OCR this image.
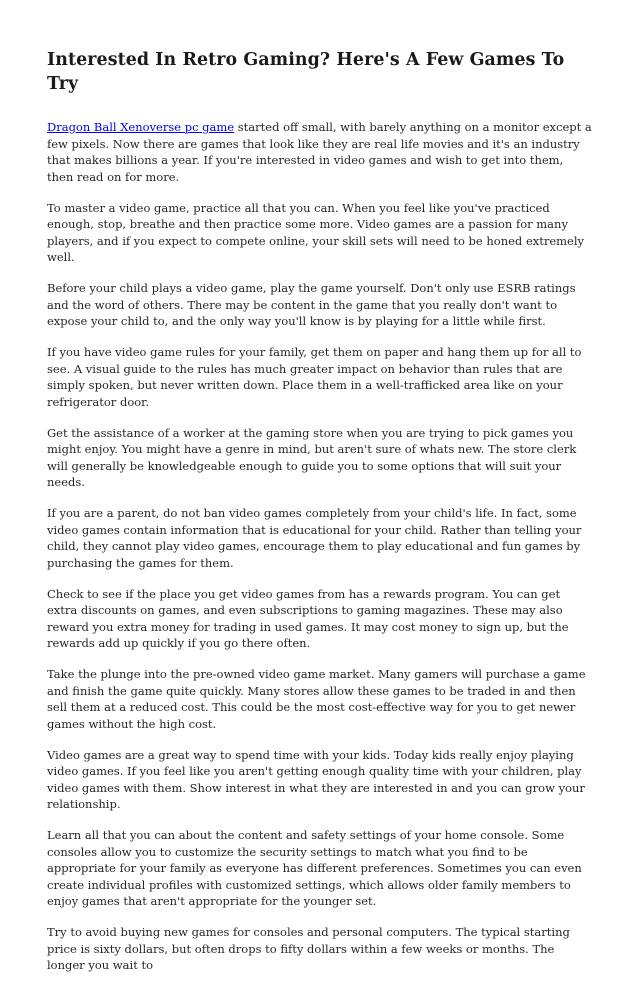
Interested In Retro Gaming? Here's A Few Games To Try

Dragon Ball Xenoverse pc game started off small, with barely anything on a monitor except a few pixels. Now there are games that look like they are real life movies and it's an industry that makes billions a year. If you're interested in video games and wish to get into them, then read on for more.

To master a video game, practice all that you can. When you feel like you've practiced enough, stop, breathe and then practice some more. Video games are a passion for many players, and if you expect to compete online, your skill sets will need to be honed extremely well.

Before your child plays a video game, play the game yourself. Don't only use ESRB ratings and the word of others. There may be content in the game that you really don't want to expose your child to, and the only way you'll know is by playing for a little while first.

If you have video game rules for your family, get them on paper and hang them up for all to see. A visual guide to the rules has much greater impact on behavior than rules that are simply spoken, but never written down. Place them in a well-trafficked area like on your refrigerator door.

Get the assistance of a worker at the gaming store when you are trying to pick games you might enjoy. You might have a genre in mind, but aren't sure of whats new. The store clerk will generally be knowledgeable enough to guide you to some options that will suit your needs.

If you are a parent, do not ban video games completely from your child's life. In fact, some video games contain information that is educational for your child. Rather than telling your child, they cannot play video games, encourage them to play educational and fun games by purchasing the games for them.

Check to see if the place you get video games from has a rewards program. You can get extra discounts on games, and even subscriptions to gaming magazines. These may also reward you extra money for trading in used games. It may cost money to sign up, but the rewards add up quickly if you go there often.

Take the plunge into the pre-owned video game market. Many gamers will purchase a game and finish the game quite quickly. Many stores allow these games to be traded in and then sell them at a reduced cost. This could be the most cost-effective way for you to get newer games without the high cost.

Video games are a great way to spend time with your kids. Today kids really enjoy playing video games. If you feel like you aren't getting enough quality time with your children, play video games with them. Show interest in what they are interested in and you can grow your relationship.

Learn all that you can about the content and safety settings of your home console. Some consoles allow you to customize the security settings to match what you find to be appropriate for your family as everyone has different preferences. Sometimes you can even create individual profiles with customized settings, which allows older family members to enjoy games that aren't appropriate for the younger set.

Try to avoid buying new games for consoles and personal computers. The typical starting price is sixty dollars, but often drops to fifty dollars within a few weeks or months. The longer you wait to
